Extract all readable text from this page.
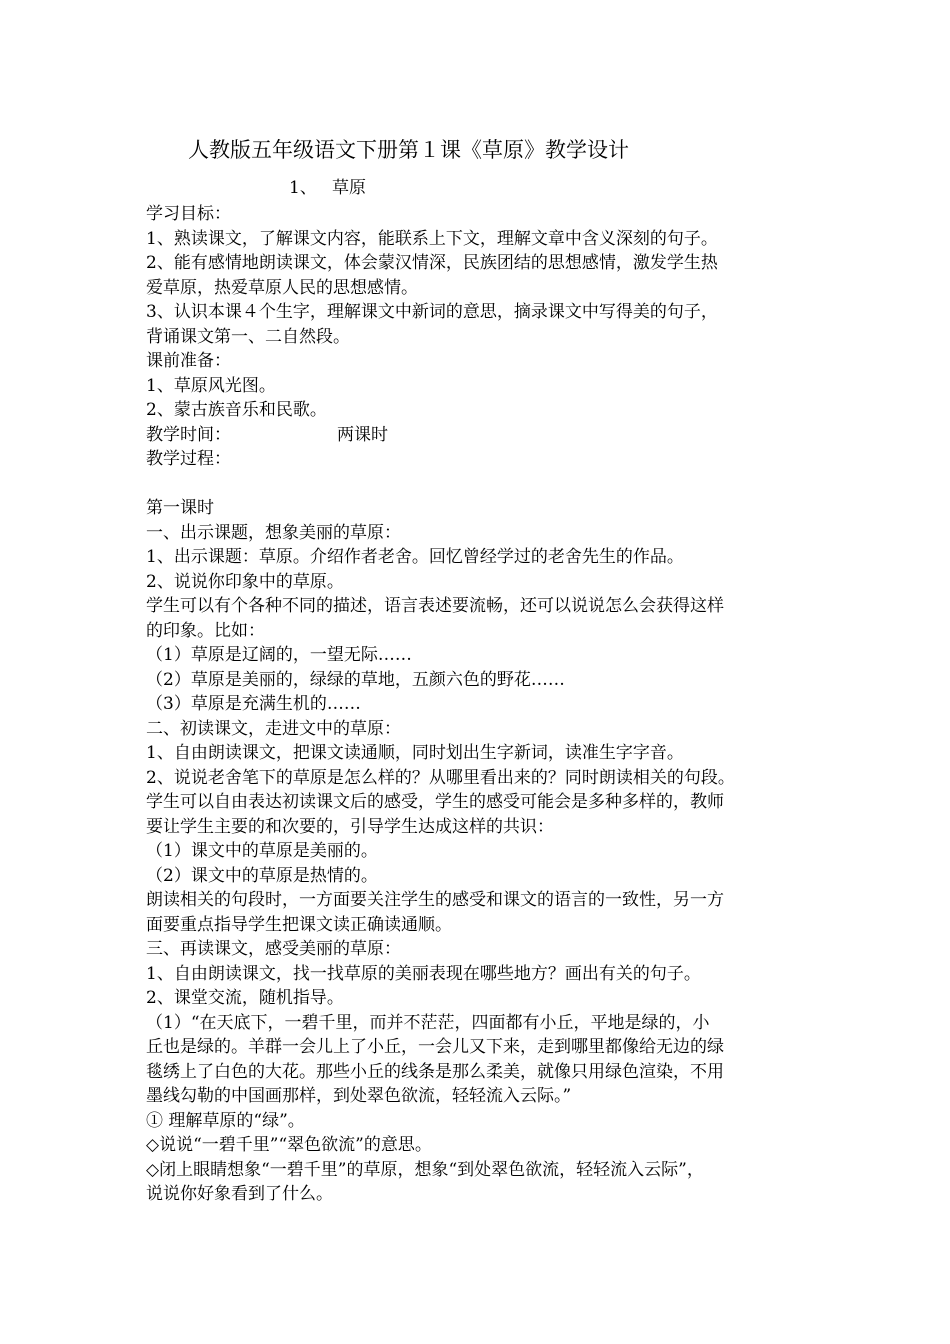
人教版五年级语文下册第１课《草原》教学设计
1、 草原

学习目标：

1、熟读课文，了解课文内容，能联系上下文，理解文章中含义深刻的句子。

2、能有感情地朗读课文，体会蒙汉情深，民族团结的思想感情，激发学生热

爱草原，热爱草原人民的思想感情。

3、认识本课４个生字，理解课文中新词的意思，摘录课文中写得美的句子，

背诵课文第一、二自然段。

课前准备：

1、草原风光图。

2、蒙古族音乐和民歌。

教学时间：	两课时

教学过程：

第一课时

一、出示课题，想象美丽的草原：

1、出示课题：草原。介绍作者老舍。回忆曾经学过的老舍先生的作品。

2、说说你印象中的草原。

学生可以有个各种不同的描述，语言表述要流畅，还可以说说怎么会获得这样

的印象。比如：

（1）草原是辽阔的，一望无际……

（2）草原是美丽的，绿绿的草地，五颜六色的野花……

（3）草原是充满生机的……

二、初读课文，走进文中的草原：

1、自由朗读课文，把课文读通顺，同时划出生字新词，读准生字字音。

2、说说老舍笔下的草原是怎么样的？从哪里看出来的？同时朗读相关的句段。

学生可以自由表达初读课文后的感受，学生的感受可能会是多种多样的，教师

要让学生主要的和次要的，引导学生达成这样的共识：

（1）课文中的草原是美丽的。

（2）课文中的草原是热情的。

朗读相关的句段时，一方面要关注学生的感受和课文的语言的一致性，另一方

面要重点指导学生把课文读正确读通顺。

三、再读课文，感受美丽的草原：

1、自由朗读课文，找一找草原的美丽表现在哪些地方？画出有关的句子。

2、课堂交流，随机指导。

（1）“在天底下，一碧千里，而并不茫茫，四面都有小丘，平地是绿的，小

丘也是绿的。羊群一会儿上了小丘，一会儿又下来，走到哪里都像给无边的绿

毯绣上了白色的大花。那些小丘的线条是那么柔美，就像只用绿色渲染，不用

墨线勾勒的中国画那样，到处翠色欲流，轻轻流入云际。”

① 理解草原的“绿”。

◇说说“一碧千里”“翠色欲流”的意思。

◇闭上眼睛想象“一碧千里”的草原，想象“到处翠色欲流，轻轻流入云际”，

说说你好象看到了什么。
